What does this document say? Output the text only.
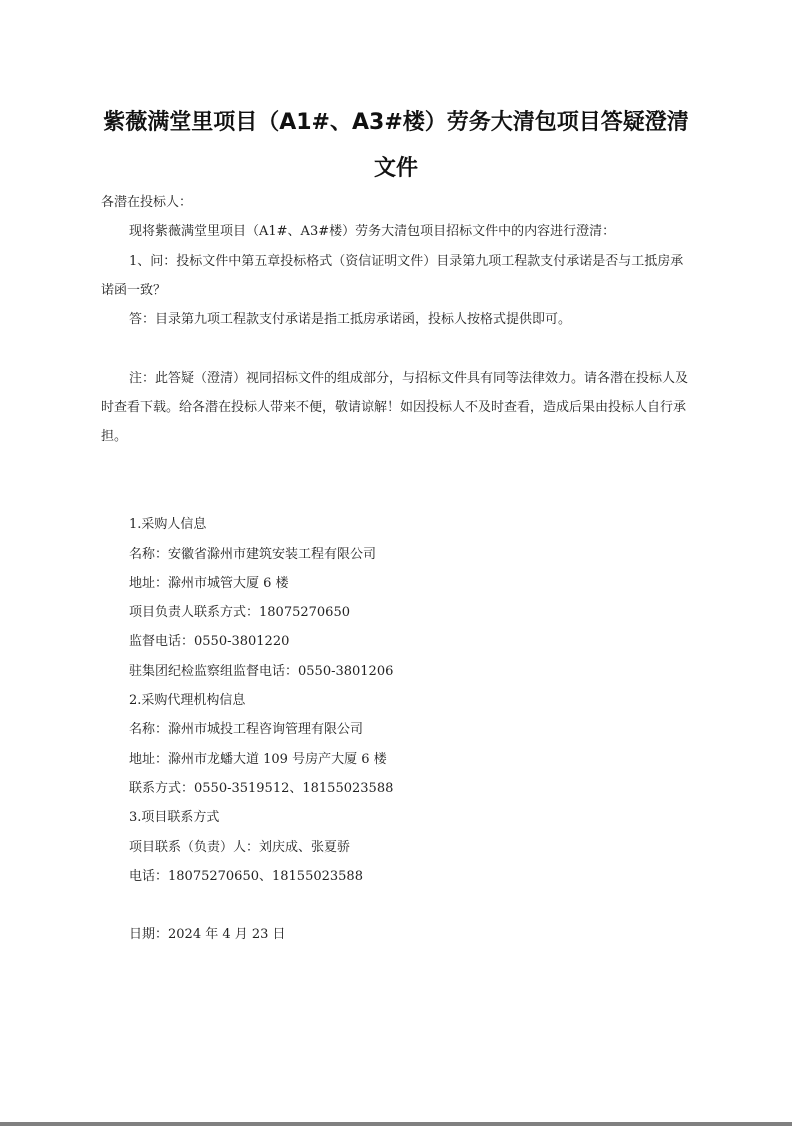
紫薇满堂里项目（A1#、A3#楼）劳务大清包项目答疑澄清文件

各潜在投标人：

现将紫薇满堂里项目（A1#、A3#楼）劳务大清包项目招标文件中的内容进行澄清：

1、问：投标文件中第五章投标格式（资信证明文件）目录第九项工程款支付承诺是否与工抵房承诺函一致？

答：目录第九项工程款支付承诺是指工抵房承诺函，投标人按格式提供即可。

注：此答疑（澄清）视同招标文件的组成部分，与招标文件具有同等法律效力。请各潜在投标人及时查看下载。给各潜在投标人带来不便，敬请谅解！如因投标人不及时查看，造成后果由投标人自行承担。

1.采购人信息

名称：安徽省滁州市建筑安装工程有限公司

地址：滁州市城管大厦 6 楼

项目负责人联系方式：18075270650

监督电话：0550-3801220

驻集团纪检监察组监督电话：0550-3801206

2.采购代理机构信息

名称：滁州市城投工程咨询管理有限公司

地址：滁州市龙蟠大道 109 号房产大厦 6 楼

联系方式：0550-3519512、18155023588

3.项目联系方式

项目联系（负责）人：刘庆成、张夏骄

电话：18075270650、18155023588

日期：2024 年 4 月 23 日
